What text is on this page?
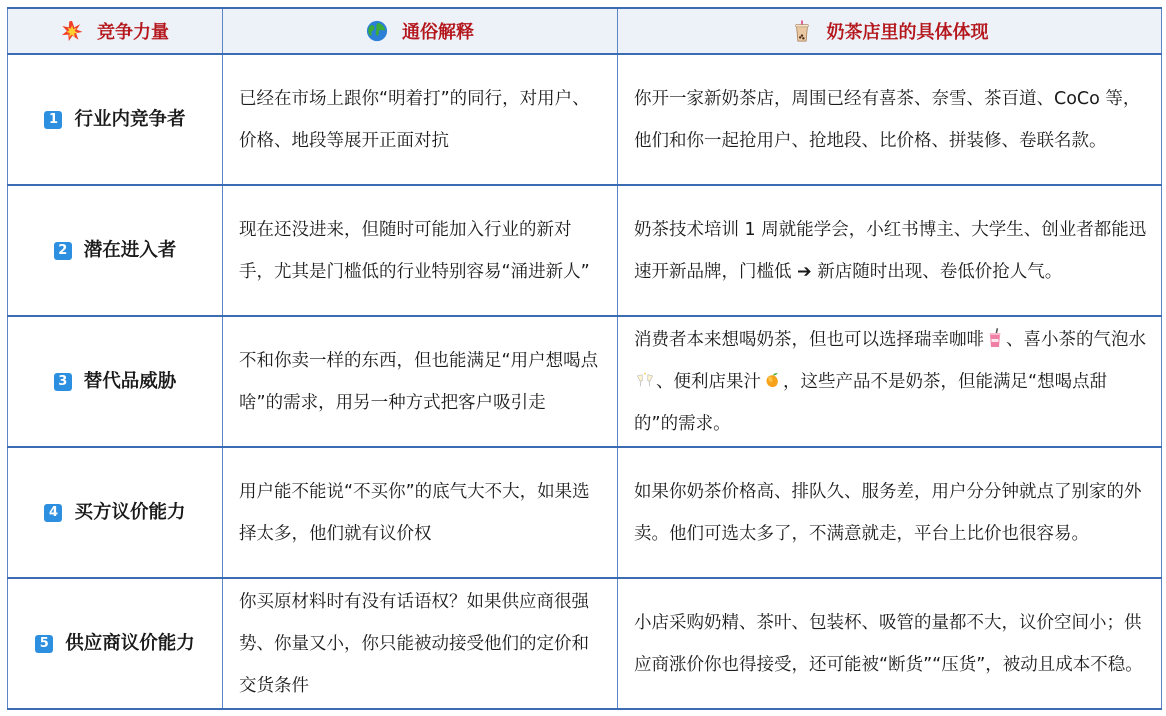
竞争力量	通俗解释	奶茶店里的具体体现
1 行业内竞争者	已经在市场上跟你“明着打”的同行，对用户、价格、地段等展开正面对抗	你开一家新奶茶店，周围已经有喜茶、奈雪、茶百道、CoCo 等，他们和你一起抢用户、抢地段、比价格、拼装修、卷联名款。
2 潜在进入者	现在还没进来，但随时可能加入行业的新对手，尤其是门槛低的行业特别容易“涌进新人”	奶茶技术培训 1 周就能学会，小红书博主、大学生、创业者都能迅速开新品牌，门槛低 ➔ 新店随时出现、卷低价抢人气。
3 替代品威胁	不和你卖一样的东西，但也能满足“用户想喝点啥”的需求，用另一种方式把客户吸引走	消费者本来想喝奶茶，但也可以选择瑞幸咖啡 、喜小茶的气泡水、便利店果汁 ，这些产品不是奶茶，但能满足“想喝点甜的”的需求。
4 买方议价能力	用户能不能说“不买你”的底气大不大，如果选择太多，他们就有议价权	如果你奶茶价格高、排队久、服务差，用户分分钟就点了别家的外卖。他们可选太多了，不满意就走，平台上比价也很容易。
5 供应商议价能力	你买原材料时有没有话语权？如果供应商很强势、你量又小，你只能被动接受他们的定价和交货条件	小店采购奶精、茶叶、包装杯、吸管的量都不大，议价空间小；供应商涨价你也得接受，还可能被“断货”“压货”，被动且成本不稳。
